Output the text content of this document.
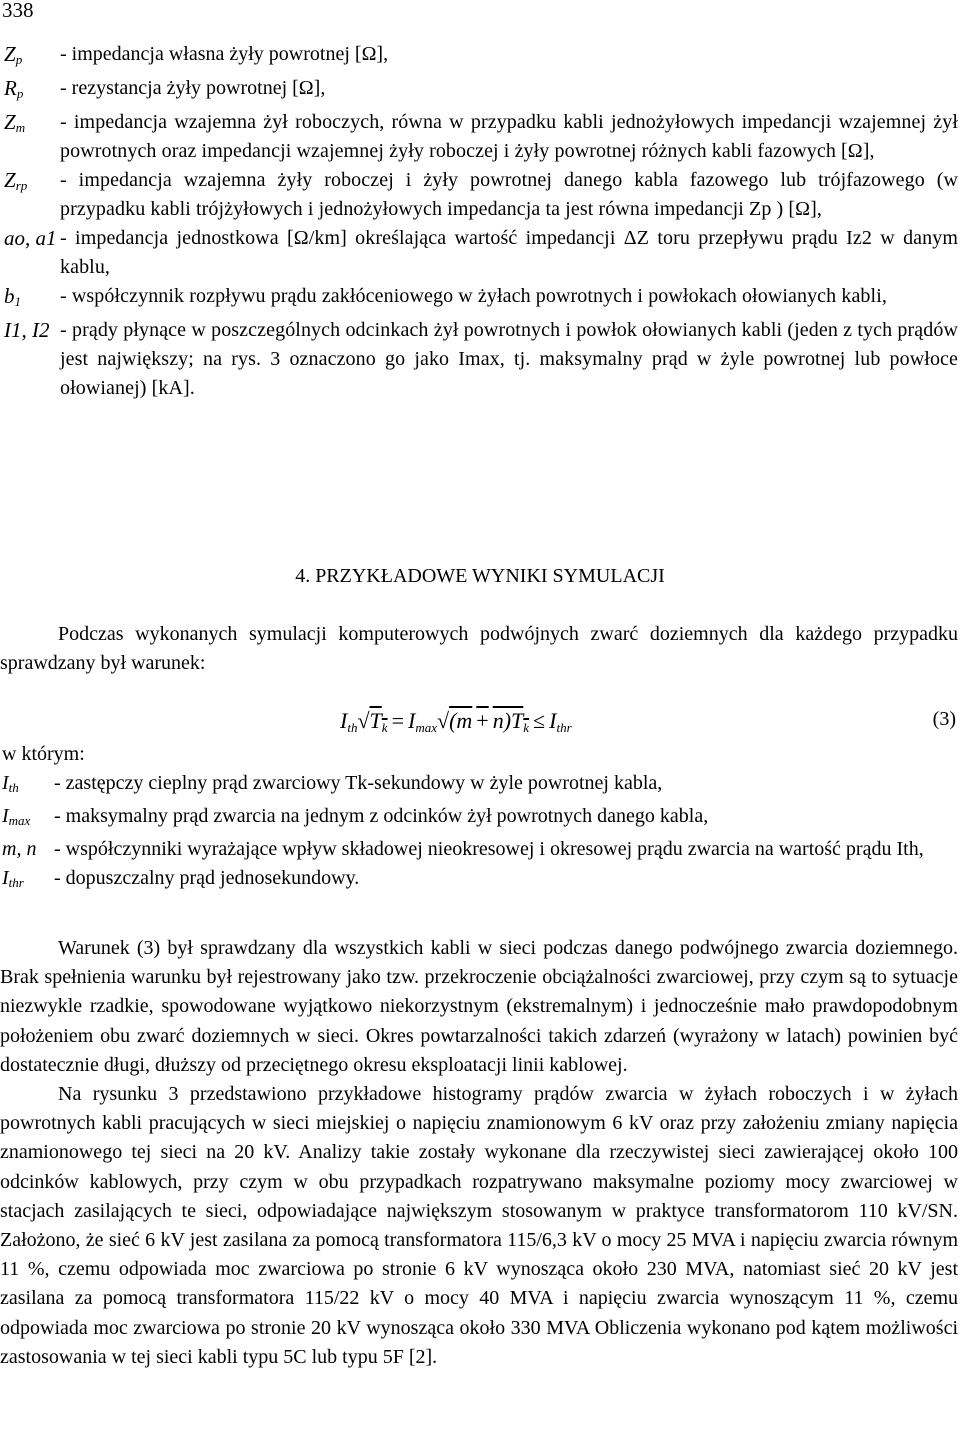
338
$Z_p$	- impedancja własna żyły powrotnej [Ω],
$R_p$	- rezystancja żyły powrotnej [Ω],
$Z_m$	- impedancja wzajemna żył roboczych, równa w przypadku kabli jednożyłowych impedancji wzajemnej żył powrotnych oraz impedancji wzajemnej żyły roboczej i żyły powrotnej różnych kabli fazowych [Ω],
$Z_{rp}$	- impedancja wzajemna żyły roboczej i żyły powrotnej danego kabla fazowego lub trójfazowego (w przypadku kabli trójżyłowych i jednożyłowych impedancja ta jest równa impedancji Zp ) [Ω],
ao, a1 - impedancja jednostkowa [Ω/km] określająca wartość impedancji ΔZ toru przepływu prądu Iz2 w danym kablu,
$b_1$	- współczynnik rozpływu prądu zakłóceniowego w żyłach powrotnych i powłokach ołowianych kabli,
I1, I2 - prądy płynące w poszczególnych odcinkach żył powrotnych i powłok ołowianych kabli (jeden z tych prądów jest największy; na rys. 3 oznaczono go jako Imax, tj. maksymalny prąd w żyle powrotnej lub powłoce ołowianej) [kA].
4. PRZYKŁADOWE WYNIKI SYMULACJI
Podczas wykonanych symulacji komputerowych podwójnych zwarć doziemnych dla każdego przypadku sprawdzany był warunek:
$I_{th}√T_k = I_{max}√(m + n)T_k \le I_{thr}$	(3)
w którym:
$I_{th}$	- zastępczy cieplny prąd zwarciowy Tk-sekundowy w żyle powrotnej kabla,
$I_{max}$	- maksymalny prąd zwarcia na jednym z odcinków żył powrotnych danego kabla,
m, n - współczynniki wyrażające wpływ składowej nieokresowej i okresowej prądu zwarcia na wartość prądu Ith,
$I_{thr}$	- dopuszczalny prąd jednosekundowy.

Warunek (3) był sprawdzany dla wszystkich kabli w sieci podczas danego podwójnego zwarcia doziemnego. Brak spełnienia warunku był rejestrowany jako tzw. przekroczenie obciążalności zwarciowej, przy czym są to sytuacje niezwykle rzadkie, spowodowane wyjątkowo niekorzystnym (ekstremalnym) i jednocześnie mało prawdopodobnym położeniem obu zwarć doziemnych w sieci. Okres powtarzalności takich zdarzeń (wyrażony w latach) powinien być dostatecznie długi, dłuższy od przeciętnego okresu eksploatacji linii kablowej.

Na rysunku 3 przedstawiono przykładowe histogramy prądów zwarcia w żyłach roboczych i w żyłach powrotnych kabli pracujących w sieci miejskiej o napięciu znamionowym 6 kV oraz przy założeniu zmiany napięcia znamionowego tej sieci na 20 kV. Analizy takie zostały wykonane dla rzeczywistej sieci zawierającej około 100 odcinków kablowych, przy czym w obu przypadkach rozpatrywano maksymalne poziomy mocy zwarciowej w stacjach zasilających te sieci, odpowiadające największym stosowanym w praktyce transformatorom 110 kV/SN. Założono, że sieć 6 kV jest zasilana za pomocą transformatora 115/6,3 kV o mocy 25 MVA i napięciu zwarcia równym 11 %, czemu odpowiada moc zwarciowa po stronie 6 kV wynosząca około 230 MVA, natomiast sieć 20 kV jest zasilana za pomocą transformatora 115/22 kV o mocy 40 MVA i napięciu zwarcia wynoszącym 11 %, czemu odpowiada moc zwarciowa po stronie 20 kV wynosząca około 330 MVA Obliczenia wykonano pod kątem możliwości zastosowania w tej sieci kabli typu 5C lub typu 5F [2].
